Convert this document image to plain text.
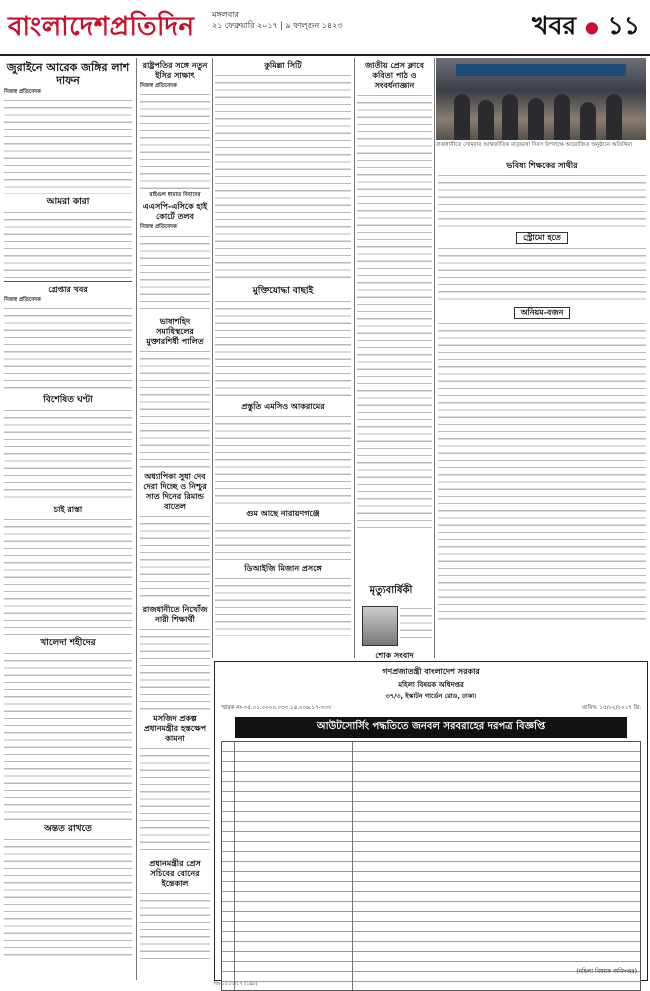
বাংলাদেশপ্রতিদিন মঙ্গলবার
২১ ফেব্রুয়ারি ২০১৭ | ৯ ফাল্গুন ১৪২৩	খবর ● ১১
জুরাইনে আরেক জঙ্গির লাশ দাফন
নিজস্ব প্রতিবেদক
আমরা কারা
গ্রেপ্তার খবর
নিজস্ব প্রতিবেদক
বিশেষিত ঘণ্টা
চাই রাস্তা
খালেদা শহীদের
অন্তত রাখতে
রাষ্ট্রপতির সঙ্গে নতুন ইসির সাক্ষাৎ
নিজস্ব প্রতিবেদক
রাইগুল ধামাত বিবাদের
এএসপি-এসিকে হাই কোর্টে তলব
নিজস্ব প্রতিবেদক
ভাষাশহিদ সমাধিস্থলের মুক্তারশির্ষী পালিত
অধ্যাপিকা সুধা দেব দেরা দিচ্ছে ও নিশ্চুর সাত দিনের রিমান্ড বাতেল
রাজধানীতে নিখোঁজ নারী শিক্ষার্থী
মসজিদ প্রকল্প প্রধানমন্ত্রীর হস্তক্ষেপ কামনা
প্রধানমন্ত্রীর প্রেস সচিবের বোনের ইন্তেকাল
কুমিল্লা সিটি
মুক্তিযোদ্ধা বাছাই
প্রস্তুতি এমসিও আকরামের
গুম আছে নারায়ণগঞ্জে
ডিআইজি মিজান প্রসঙ্গে
জাতীয় প্রেস ক্লাবে কবিতা পাঠ ও সংবর্ধনাজ্ঞান
মৃত্যুবার্ষিকী
শোক সংবাদ
রাজধানীতে সোমবার আন্তর্জাতিক মাতৃভাষা দিবস উপলক্ষে আয়োজিত অনুষ্ঠানে অতিথিরা
ভবিষ্য শিক্ষকের সাথীর
স্ট্রোমো হতে
অনিয়ম-বজন
গণপ্রজাতন্ত্রী বাংলাদেশ সরকার
মহিলা বিষয়ক অধিদপ্তর
৩৭/৩, ইস্কাটন গার্ডেন রোড, ঢাকা।
স্মারক নং-৩৫.০১.০০০০.০৩৩.১৪.০০৬.১৭-৩৩৩	তারিখ: ১৫/০২/২০১৭ খ্রি:
আউটসোর্সিং পদ্ধতিতে জনবল সরবরাহের দরপত্র বিজ্ঞপ্তি
(মহিলা বিষয়ক অধিদপ্তর)
জি-১২১৩/১৭ (১x৮)
